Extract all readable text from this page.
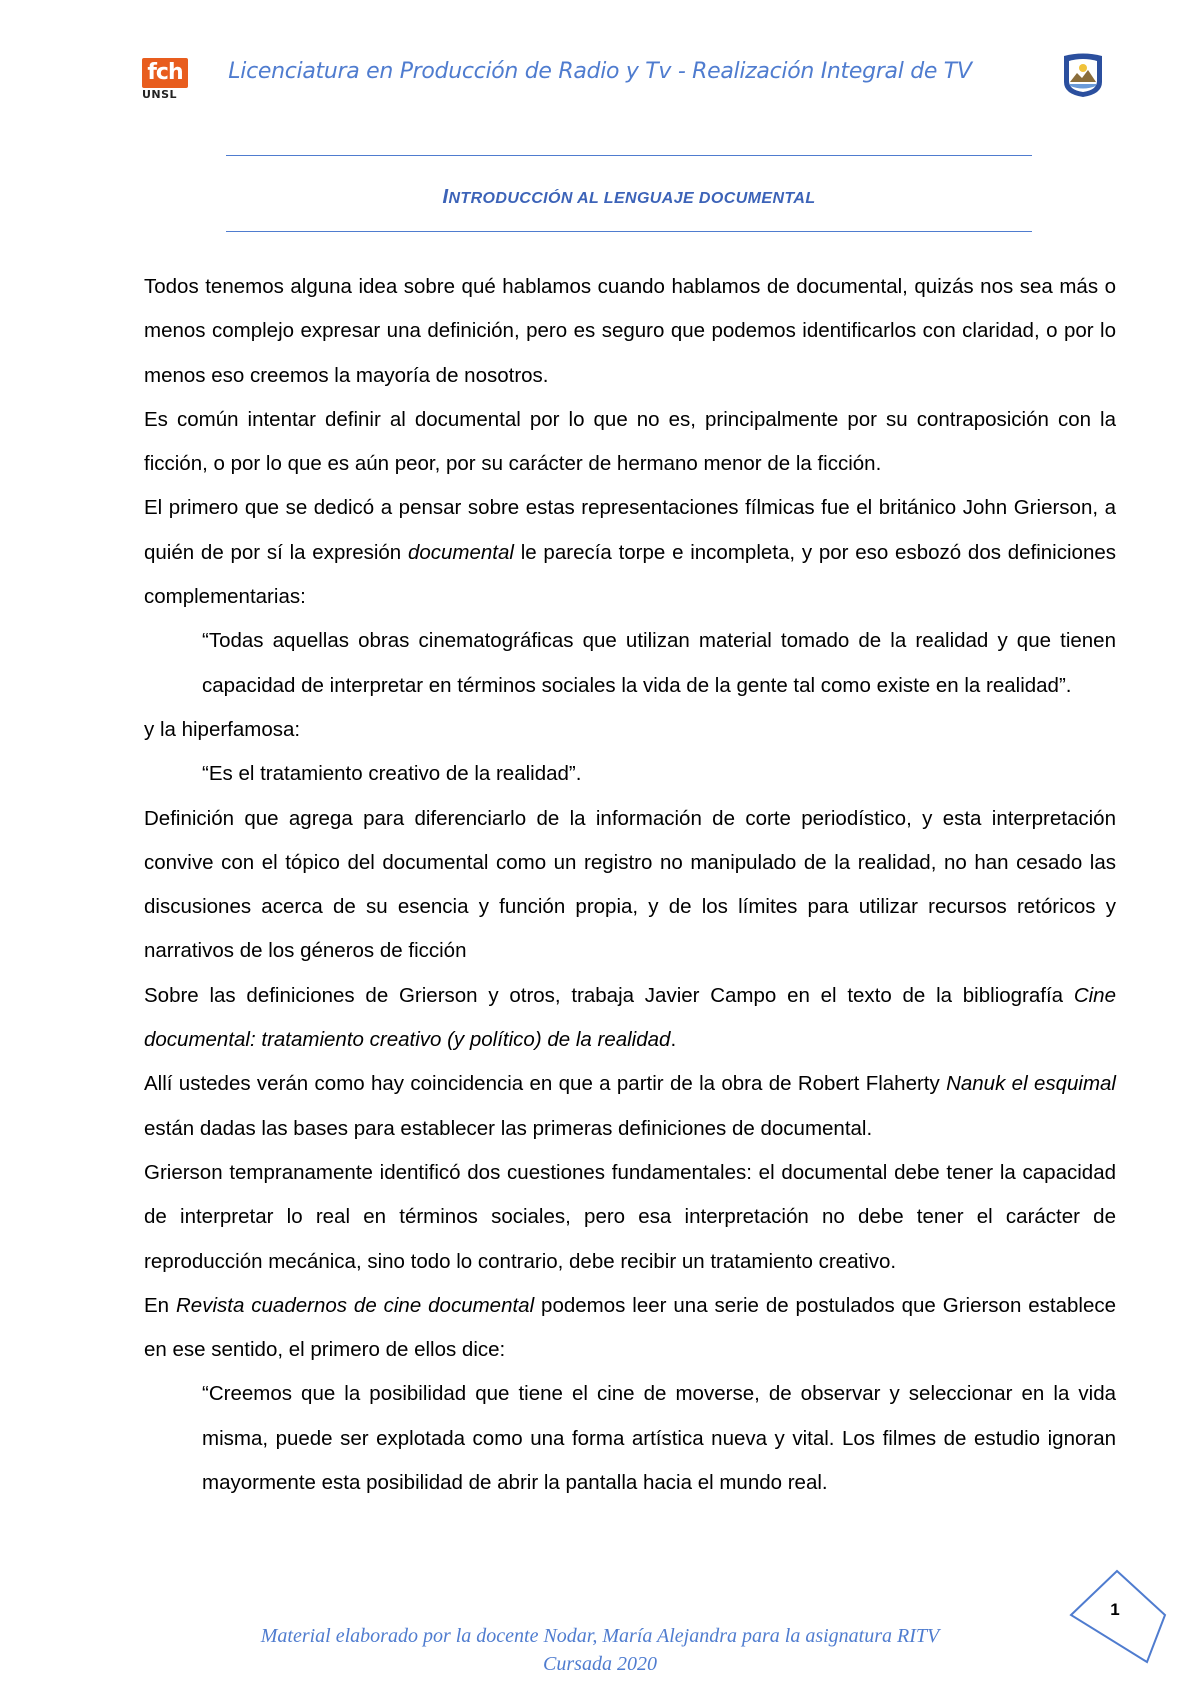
fch
UNSL
Licenciatura en Producción de Radio y Tv - Realización Integral de TV
INTRODUCCIÓN AL LENGUAJE DOCUMENTAL

Todos tenemos alguna idea sobre qué hablamos cuando hablamos de documental, quizás nos sea más o menos complejo expresar una definición, pero es seguro que podemos identificarlos con claridad, o por lo menos eso creemos la mayoría de nosotros.

Es común intentar definir al documental por lo que no es, principalmente por su contraposición con la ficción, o por lo que es aún peor, por su carácter de hermano menor de la ficción.

El primero que se dedicó a pensar sobre estas representaciones fílmicas fue el británico John Grierson, a quién de por sí la expresión documental le parecía torpe e incompleta, y por eso esbozó dos definiciones complementarias:

“Todas aquellas obras cinematográficas que utilizan material tomado de la realidad y que tienen capacidad de interpretar en términos sociales la vida de la gente tal como existe en la realidad”.

y la hiperfamosa:

“Es el tratamiento creativo de la realidad”.

Definición que agrega para diferenciarlo de la información de corte periodístico, y esta interpretación convive con el tópico del documental como un registro no manipulado de la realidad, no han cesado las discusiones acerca de su esencia y función propia, y de los límites para utilizar recursos retóricos y narrativos de los géneros de ficción

Sobre las definiciones de Grierson y otros, trabaja Javier Campo en el texto de la bibliografía Cine documental: tratamiento creativo (y político) de la realidad.

Allí ustedes verán como hay coincidencia en que a partir de la obra de Robert Flaherty Nanuk el esquimal están dadas las bases para establecer las primeras definiciones de documental.

Grierson tempranamente identificó dos cuestiones fundamentales: el documental debe tener la capacidad de interpretar lo real en términos sociales, pero esa interpretación no debe tener el carácter de reproducción mecánica, sino todo lo contrario, debe recibir un tratamiento creativo.

En Revista cuadernos de cine documental podemos leer una serie de postulados que Grierson establece en ese sentido, el primero de ellos dice:

“Creemos que la posibilidad que tiene el cine de moverse, de observar y seleccionar en la vida misma, puede ser explotada como una forma artística nueva y vital. Los filmes de estudio ignoran mayormente esta posibilidad de abrir la pantalla hacia el mundo real.

1
Material elaborado por la docente Nodar, María Alejandra para la asignatura RITV
Cursada 2020
